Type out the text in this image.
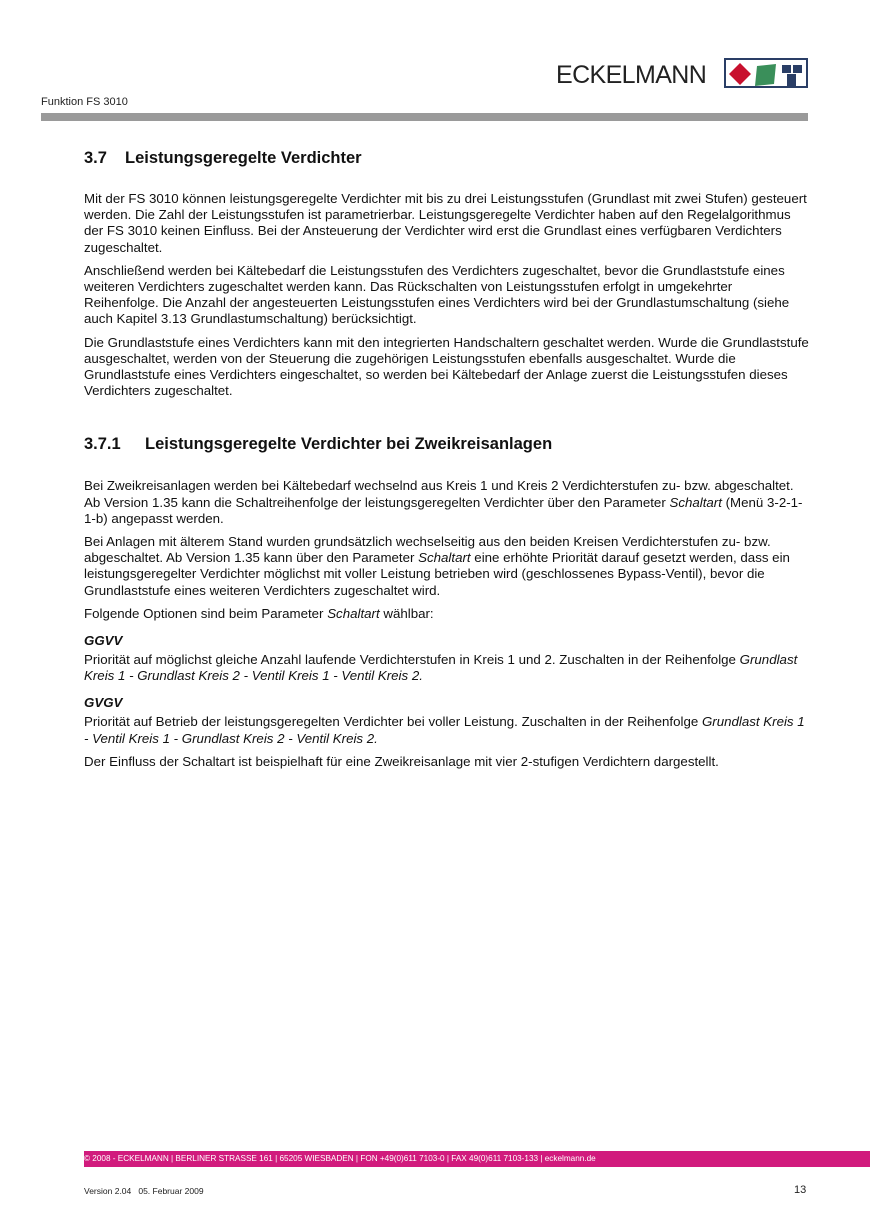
ECKELMANN
Funktion FS 3010
3.7 Leistungsgeregelte Verdichter

Mit der FS 3010 können leistungsgeregelte Verdichter mit bis zu drei Leistungsstufen (Grundlast mit zwei Stufen) gesteuert werden. Die Zahl der Leistungsstufen ist parametrierbar. Leistungsgeregelte Verdichter haben auf den Regelalgorithmus der FS 3010 keinen Einfluss. Bei der Ansteuerung der Verdichter wird erst die Grundlast eines verfügbaren Verdichters zugeschaltet.

Anschließend werden bei Kältebedarf die Leistungsstufen des Verdichters zugeschaltet, bevor die Grundlaststufe eines weiteren Verdichters zugeschaltet werden kann. Das Rückschalten von Leistungsstufen erfolgt in umgekehrter Reihenfolge. Die Anzahl der angesteuerten Leistungsstufen eines Verdichters wird bei der Grundlastumschaltung (siehe auch Kapitel 3.13 Grundlastumschaltung) berücksichtigt.

Die Grundlaststufe eines Verdichters kann mit den integrierten Handschaltern geschaltet werden. Wurde die Grundlaststufe ausgeschaltet, werden von der Steuerung die zugehörigen Leistungsstufen ebenfalls ausgeschaltet. Wurde die Grundlaststufe eines Verdichters eingeschaltet, so werden bei Kältebedarf der Anlage zuerst die Leistungsstufen dieses Verdichters zugeschaltet.

3.7.1 Leistungsgeregelte Verdichter bei Zweikreisanlagen

Bei Zweikreisanlagen werden bei Kältebedarf wechselnd aus Kreis 1 und Kreis 2 Verdichterstufen zu- bzw. abgeschaltet. Ab Version 1.35 kann die Schaltreihenfolge der leistungsgeregelten Verdichter über den Parameter Schaltart (Menü 3-2-1-1-b) angepasst werden.

Bei Anlagen mit älterem Stand wurden grundsätzlich wechselseitig aus den beiden Kreisen Verdichterstufen zu- bzw. abgeschaltet. Ab Version 1.35 kann über den Parameter Schaltart eine erhöhte Priorität darauf gesetzt werden, dass ein leistungsgeregelter Verdichter möglichst mit voller Leistung betrieben wird (geschlossenes Bypass-Ventil), bevor die Grundlaststufe eines weiteren Verdichters zugeschaltet wird.

Folgende Optionen sind beim Parameter Schaltart wählbar:

GGVV

Priorität auf möglichst gleiche Anzahl laufende Verdichterstufen in Kreis 1 und 2. Zuschalten in der Reihenfolge Grundlast Kreis 1 - Grundlast Kreis 2 - Ventil Kreis 1 - Ventil Kreis 2.

GVGV

Priorität auf Betrieb der leistungsgeregelten Verdichter bei voller Leistung. Zuschalten in der Reihenfolge Grundlast Kreis 1 - Ventil Kreis 1 - Grundlast Kreis 2 - Ventil Kreis 2.

Der Einfluss der Schaltart ist beispielhaft für eine Zweikreisanlage mit vier 2-stufigen Verdichtern dargestellt.

© 2008 - ECKELMANN | BERLINER STRASSE 161 | 65205 WIESBADEN | FON +49(0)611 7103-0 | FAX 49(0)611 7103-133 | eckelmann.de
Version 2.04   05. Februar 2009	13
